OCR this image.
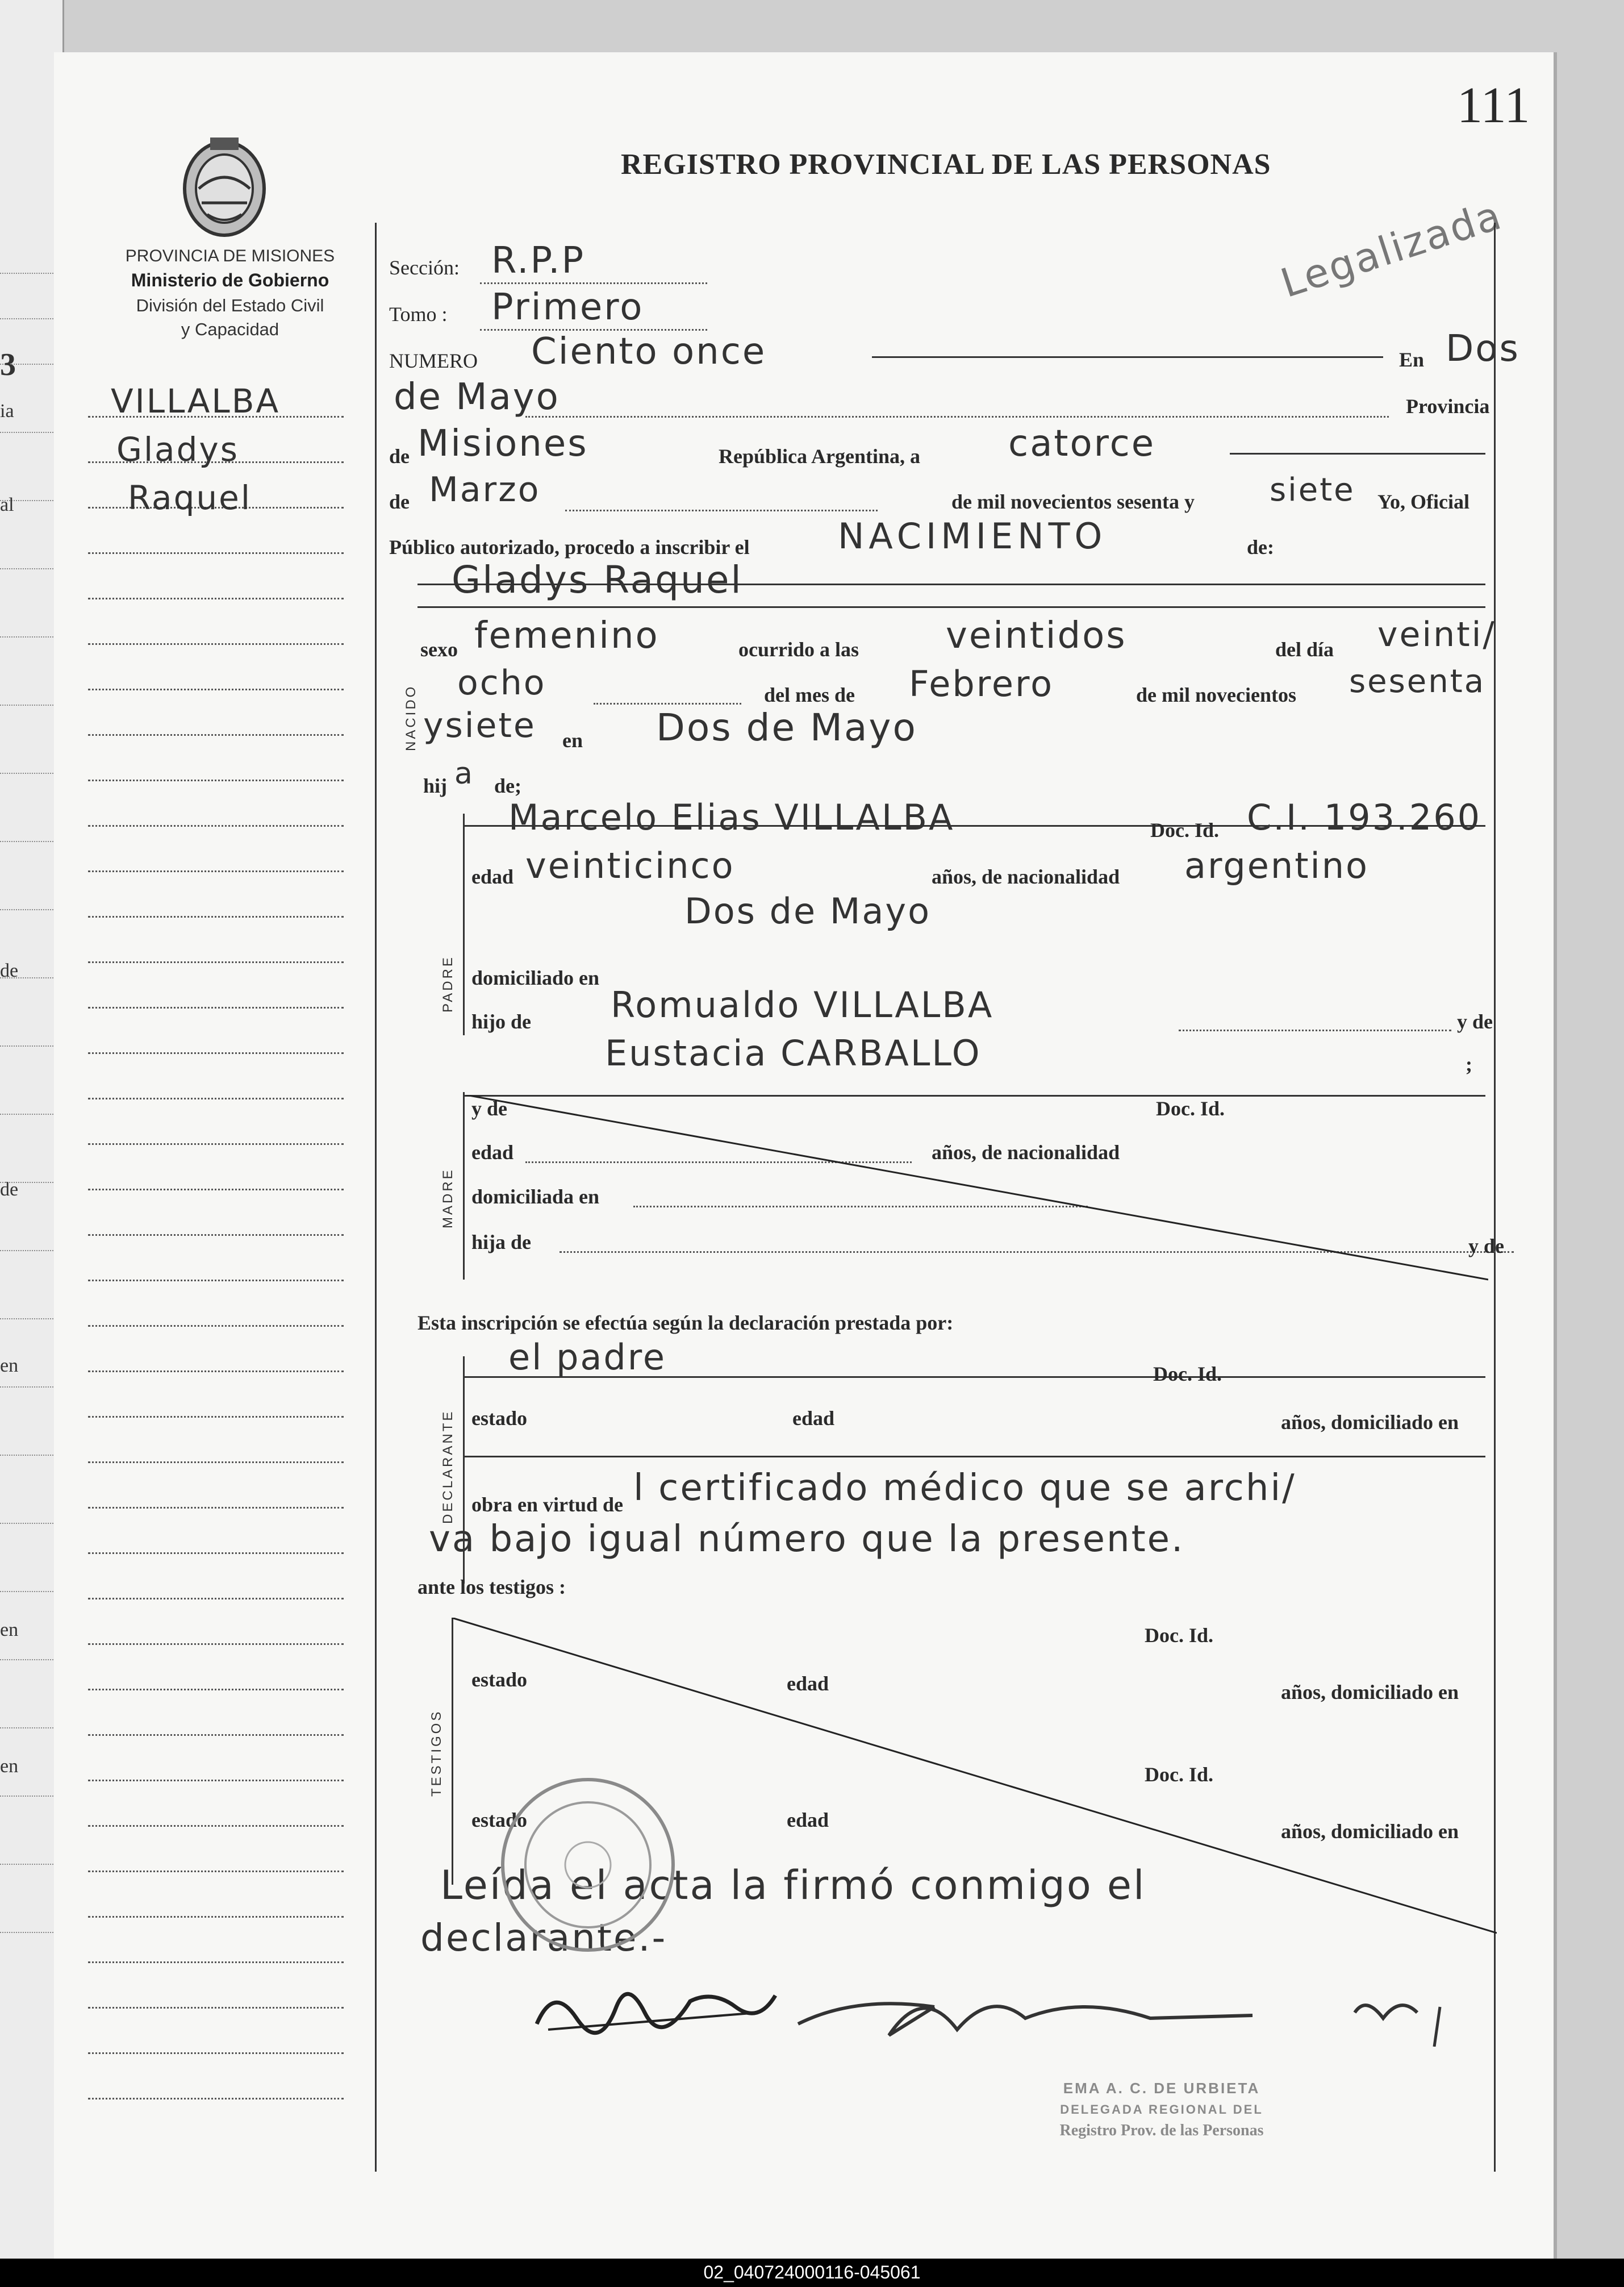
3
ia
al
de
de
en
en
en
111
PROVINCIA DE MISIONES
Ministerio de Gobierno
División del Estado Civil
y Capacidad
REGISTRO PROVINCIAL DE LAS PERSONAS
Legalizada
VILLALBA
Gladys
Raquel
Sección: R.P.P
Tomo : Primero
NUMERO Ciento once	En Dos
de Mayo	Provincia
de Misiones	República Argentina, a catorce
de Marzo	de mil novecientos sesenta y siete Yo, Oficial
Público autorizado, procedo a inscribir el	NACIMIENTO	de:
NACIDO
Gladys Raquel
sexo femenino	ocurrido a las veintidos	del día veinti/
ocho	del mes de Febrero	de mil novecientos sesenta
ysiete en Dos de Mayo
hij a de;
PADRE
Marcelo Elias VILLALBA	Doc. Id. C.I. 193.260
edad veinticinco	años, de nacionalidad argentino
domiciliado en
Dos de Mayo
hijo de Romualdo VILLALBA	y de
Eustacia CARBALLO	;
MADRE
y de	Doc. Id.
edad	años, de nacionalidad
domiciliada en
hija de	y de
Esta inscripción se efectúa según la declaración prestada por:
DECLARANTE
el padre	Doc. Id.
estado	edad	años, domiciliado en
obra en virtud de l certificado médico que se archi/
va bajo igual número que la presente.
ante los testigos :
TESTIGOS
Doc. Id.
estado	edad	años, domiciliado en
Doc. Id.
estado	edad	años, domiciliado en
Leída el acta la firmó conmigo el
declarante.-
EMA A. C. DE URBIETA
DELEGADA REGIONAL DEL
Registro Prov. de las Personas
02_040724000116-045061
